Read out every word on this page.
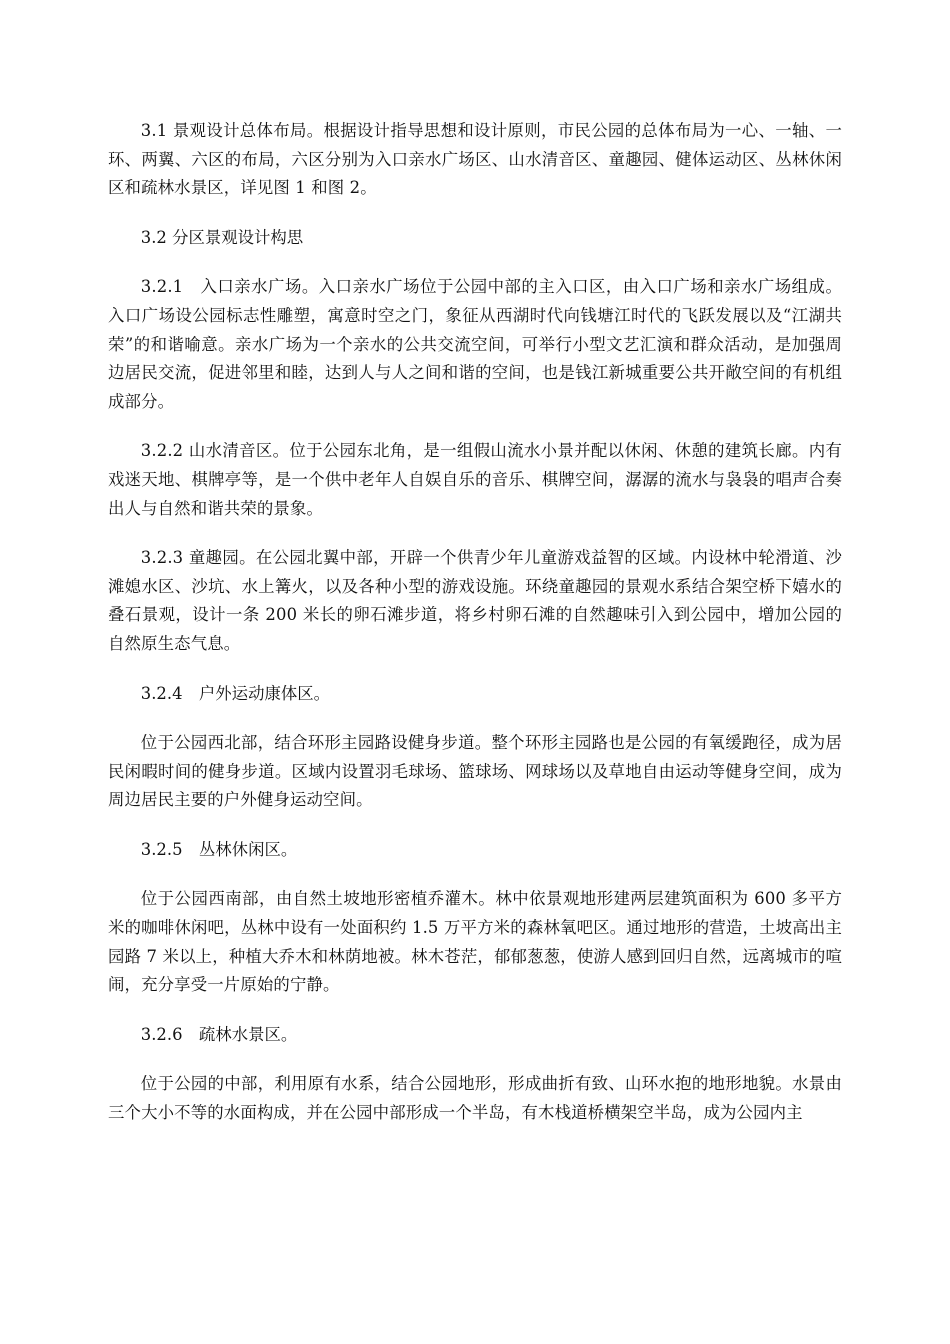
3.1 景观设计总体布局。根据设计指导思想和设计原则，市民公园的总体布局为一心、一轴、一环、两翼、六区的布局，六区分别为入口亲水广场区、山水清音区、童趣园、健体运动区、丛林休闲区和疏林水景区，详见图 1 和图 2。

3.2 分区景观设计构思

3.2.1　入口亲水广场。入口亲水广场位于公园中部的主入口区，由入口广场和亲水广场组成。入口广场设公园标志性雕塑，寓意时空之门，象征从西湖时代向钱塘江时代的飞跃发展以及“江湖共荣”的和谐喻意。亲水广场为一个亲水的公共交流空间，可举行小型文艺汇演和群众活动，是加强周边居民交流，促进邻里和睦，达到人与人之间和谐的空间，也是钱江新城重要公共开敞空间的有机组成部分。

3.2.2 山水清音区。位于公园东北角，是一组假山流水小景并配以休闲、休憩的建筑长廊。内有戏迷天地、棋牌亭等，是一个供中老年人自娱自乐的音乐、棋牌空间，潺潺的流水与袅袅的唱声合奏出人与自然和谐共荣的景象。

3.2.3 童趣园。在公园北翼中部，开辟一个供青少年儿童游戏益智的区域。内设林中轮滑道、沙滩媳水区、沙坑、水上篝火，以及各种小型的游戏设施。环绕童趣园的景观水系结合架空桥下嬉水的叠石景观，设计一条 200 米长的卵石滩步道，将乡村卵石滩的自然趣味引入到公园中，增加公园的自然原生态气息。

3.2.4　户外运动康体区。

位于公园西北部，结合环形主园路设健身步道。整个环形主园路也是公园的有氧缓跑径，成为居民闲暇时间的健身步道。区域内设置羽毛球场、篮球场、网球场以及草地自由运动等健身空间，成为周边居民主要的户外健身运动空间。

3.2.5　丛林休闲区。

位于公园西南部，由自然土坡地形密植乔灌木。林中依景观地形建两层建筑面积为 600 多平方米的咖啡休闲吧，丛林中设有一处面积约 1.5 万平方米的森林氧吧区。通过地形的营造，土坡高出主园路 7 米以上，种植大乔木和林荫地被。林木苍茫，郁郁葱葱，使游人感到回归自然，远离城市的喧闹，充分享受一片原始的宁静。

3.2.6　疏林水景区。

位于公园的中部，利用原有水系，结合公园地形，形成曲折有致、山环水抱的地形地貌。水景由三个大小不等的水面构成，并在公园中部形成一个半岛，有木栈道桥横架空半岛，成为公园内主
